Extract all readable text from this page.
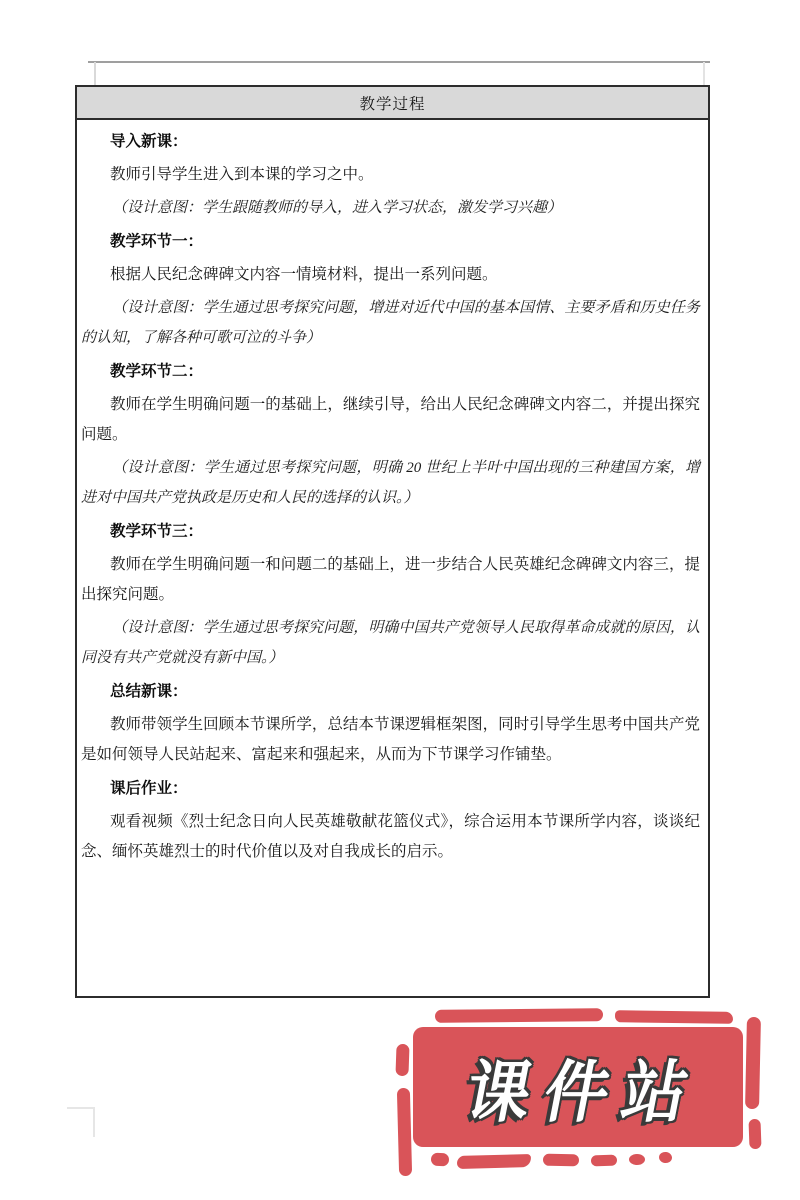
教学过程
导入新课：

教师引导学生进入到本课的学习之中。

（设计意图：学生跟随教师的导入，进入学习状态，激发学习兴趣）

教学环节一：

根据人民纪念碑碑文内容一情境材料，提出一系列问题。

（设计意图：学生通过思考探究问题，增进对近代中国的基本国情、主要矛盾和历史任务的认知，了解各种可歌可泣的斗争）

教学环节二：

教师在学生明确问题一的基础上，继续引导，给出人民纪念碑碑文内容二，并提出探究问题。

（设计意图：学生通过思考探究问题，明确 20 世纪上半叶中国出现的三种建国方案，增进对中国共产党执政是历史和人民的选择的认识。）

教学环节三：

教师在学生明确问题一和问题二的基础上，进一步结合人民英雄纪念碑碑文内容三，提出探究问题。

（设计意图：学生通过思考探究问题，明确中国共产党领导人民取得革命成就的原因，认同没有共产党就没有新中国。）

总结新课：

教师带领学生回顾本节课所学，总结本节课逻辑框架图，同时引导学生思考中国共产党是如何领导人民站起来、富起来和强起来，从而为下节课学习作铺垫。

课后作业：

观看视频《烈士纪念日向人民英雄敬献花篮仪式》，综合运用本节课所学内容，谈谈纪念、缅怀英雄烈士的时代价值以及对自我成长的启示。

课件站
